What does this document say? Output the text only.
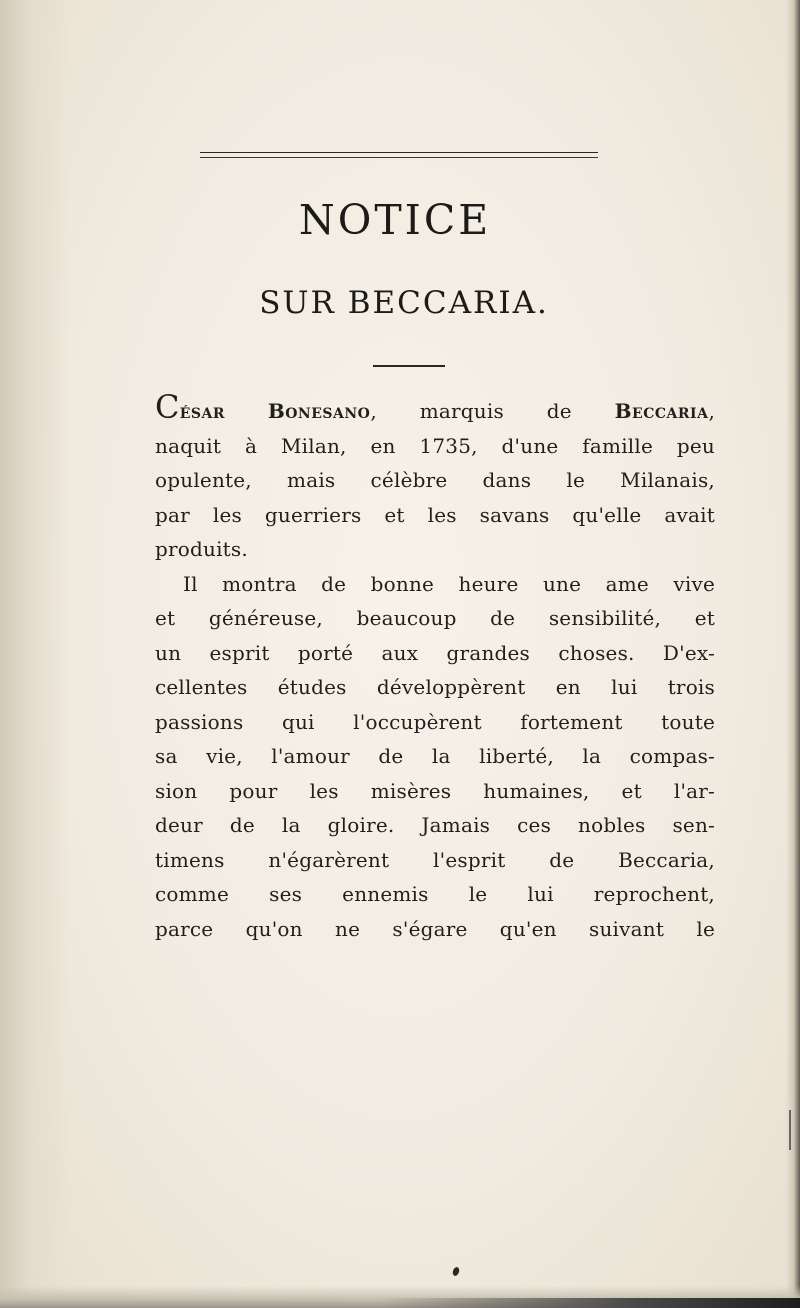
NOTICE
SUR BECCARIA.
César Bonesano, marquis de Beccaria,
naquit à Milan, en 1735, d'une famille peu
opulente, mais célèbre dans le Milanais,
par les guerriers et les savans qu'elle avait
produits.
Il montra de bonne heure une ame vive
et généreuse, beaucoup de sensibilité, et
un esprit porté aux grandes choses. D'ex-
cellentes études développèrent en lui trois
passions qui l'occupèrent fortement toute
sa vie, l'amour de la liberté, la compas-
sion pour les misères humaines, et l'ar-
deur de la gloire. Jamais ces nobles sen-
timens n'égarèrent l'esprit de Beccaria,
comme ses ennemis le lui reprochent,
parce qu'on ne s'égare qu'en suivant le
